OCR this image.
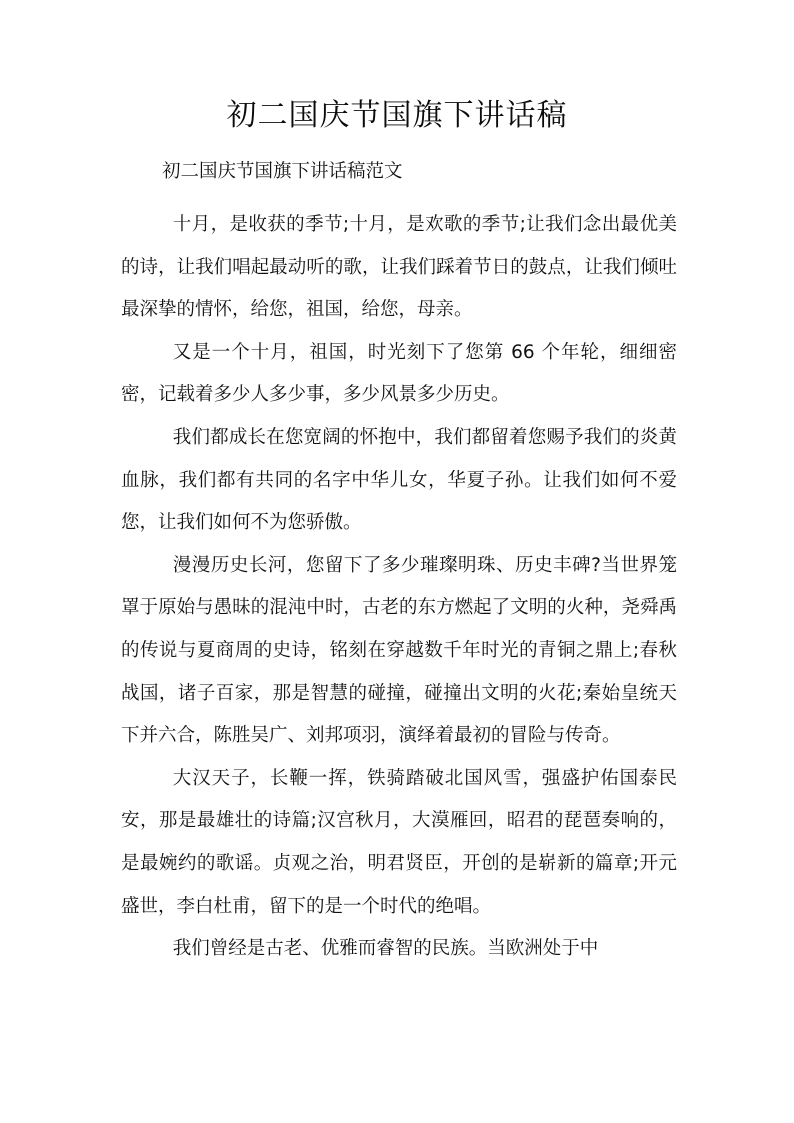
初二国庆节国旗下讲话稿

初二国庆节国旗下讲话稿范文

十月，是收获的季节;十月，是欢歌的季节;让我们念出最优美的诗，让我们唱起最动听的歌，让我们踩着节日的鼓点，让我们倾吐最深挚的情怀，给您，祖国，给您，母亲。

又是一个十月，祖国，时光刻下了您第 66 个年轮，细细密密，记载着多少人多少事，多少风景多少历史。

我们都成长在您宽阔的怀抱中，我们都留着您赐予我们的炎黄血脉，我们都有共同的名字中华儿女，华夏子孙。让我们如何不爱您，让我们如何不为您骄傲。

漫漫历史长河，您留下了多少璀璨明珠、历史丰碑?当世界笼罩于原始与愚昧的混沌中时，古老的东方燃起了文明的火种，尧舜禹的传说与夏商周的史诗，铭刻在穿越数千年时光的青铜之鼎上;春秋战国，诸子百家，那是智慧的碰撞，碰撞出文明的火花;秦始皇统天下并六合，陈胜吴广、刘邦项羽，演绎着最初的冒险与传奇。

大汉天子，长鞭一挥，铁骑踏破北国风雪，强盛护佑国泰民安，那是最雄壮的诗篇;汉宫秋月，大漠雁回，昭君的琵琶奏响的，是最婉约的歌谣。贞观之治，明君贤臣，开创的是崭新的篇章;开元盛世，李白杜甫，留下的是一个时代的绝唱。

我们曾经是古老、优雅而睿智的民族。当欧洲处于中
